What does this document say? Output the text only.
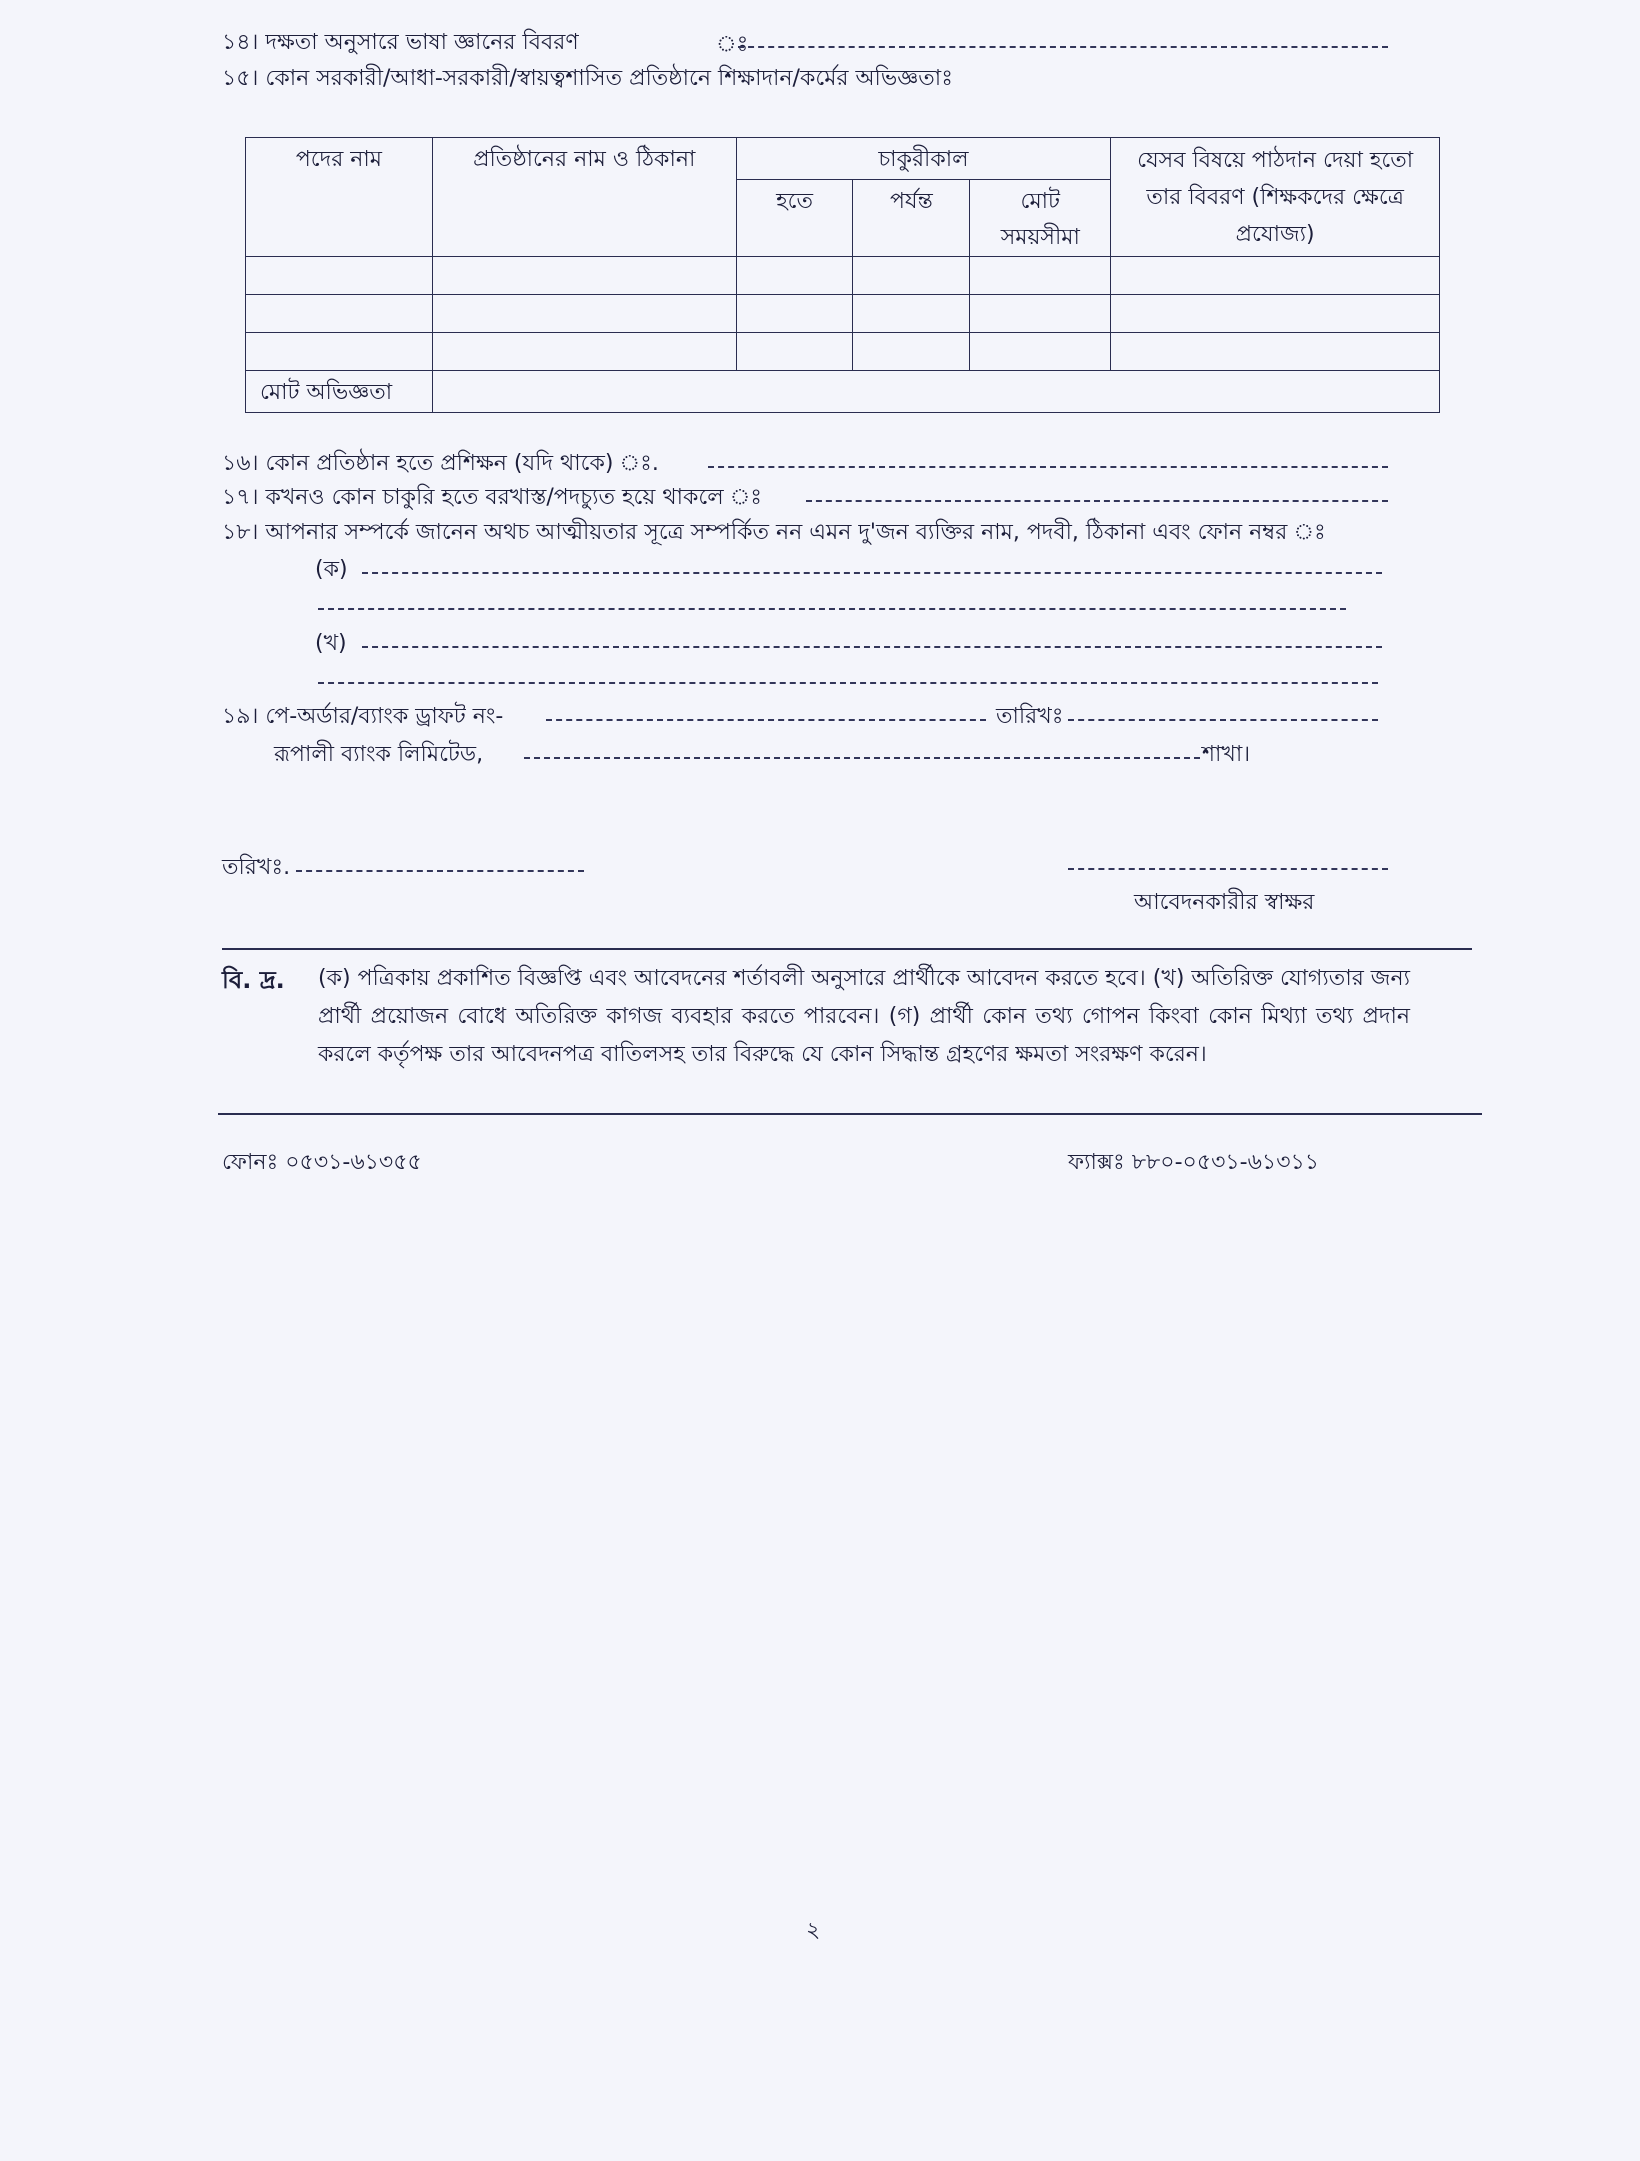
১৪। দক্ষতা অনুসারে ভাষা জ্ঞানের বিবরণ	ঃ
১৫। কোন সরকারী/আধা-সরকারী/স্বায়ত্বশাসিত প্রতিষ্ঠানে শিক্ষাদান/কর্মের অভিজ্ঞতাঃ
পদের নাম	প্রতিষ্ঠানের নাম ও ঠিকানা	চাকুরীকাল			যেসব বিষয়ে পাঠদান দেয়া হতো তার বিবরণ (শিক্ষকদের ক্ষেত্রে প্রযোজ্য)
		হতে	পর্যন্ত	মোট
সময়সীমা	

মোট অভিজ্ঞতা					
১৬। কোন প্রতিষ্ঠান হতে প্রশিক্ষন (যদি থাকে) ঃ.
১৭। কখনও কোন চাকুরি হতে বরখাস্ত/পদচ্যুত হয়ে থাকলে ঃ
১৮। আপনার সম্পর্কে জানেন অথচ আত্মীয়তার সূত্রে সম্পর্কিত নন এমন দু'জন ব্যক্তির নাম, পদবী, ঠিকানা এবং ফোন নম্বর ঃ
(ক)
(খ)
১৯। পে-অর্ডার/ব্যাংক ড্রাফট নং-	তারিখঃ
রূপালী ব্যাংক লিমিটেড,	শাখা।
তরিখঃ.
আবেদনকারীর স্বাক্ষর
বি. দ্র. (ক) পত্রিকায় প্রকাশিত বিজ্ঞপ্তি এবং আবেদনের শর্তাবলী অনুসারে প্রার্থীকে আবেদন করতে হবে। (খ) অতিরিক্ত যোগ্যতার জন্য প্রার্থী প্রয়োজন বোধে অতিরিক্ত কাগজ ব্যবহার করতে পারবেন। (গ) প্রার্থী কোন তথ্য গোপন কিংবা কোন মিথ্যা তথ্য প্রদান করলে কর্তৃপক্ষ তার আবেদনপত্র বাতিলসহ তার বিরুদ্ধে যে কোন সিদ্ধান্ত গ্রহণের ক্ষমতা সংরক্ষণ করেন।
ফোনঃ ০৫৩১-৬১৩৫৫	ফ্যাক্সঃ ৮৮০-০৫৩১-৬১৩১১
২
